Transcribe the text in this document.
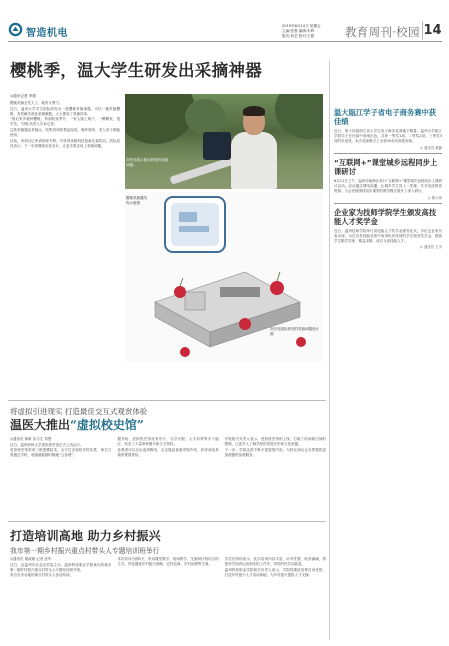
智造机电
2019年6月14日 星期五
主编:张强 编辑:朱晖
版式:何艺 校对:王聪	教育周刊·校园 14
樱桃季，温大学生研发出采摘神器
◎通讯记者 李璟

樱桃采摘全凭人工，耗时又费力。

近日，温州大学学生团队研发出一款樱桃采摘神器，可以一键采摘樱桃，有效解决高处采摘难题，大大提高了采摘效率。

“我们家乡就种樱桃，每到收获季节，一家人爬上爬下，一颗颗采，很辛苦。”团队负责人告诉记者。

这款采摘器由采摘头、收集管和收集袋组成，操作简单，老人孩子都能使用。

目前，该项目已申请国家专利，并获得省级科技创新比赛奖项。团队成员表示，下一步将继续优化设计，让更多果农用上采摘神器。

刘杰亮展示他们研发的采摘神器。
樱桃采摘器结构示意图
刘杰亮团队研发的采摘神器设计图
将虚拟引进现实 打造最佳交互式观赏体验
温医大推出“虚拟校史馆”

◎通讯员 林新 实习生 刘慧

近日，温州医科大学虚拟校史馆正式上线运行。

虚拟校史馆采用三维建模技术，全方位还原校史馆实景，师生只需通过手机、电脑就能随时随地“云参观”。

据介绍，虚拟校史馆设有序厅、办学历程、人才培养等多个展区，收录了大量珍贵图片和文字资料。

参观者可以自由选择路线，点击展品查看详细介绍，获得身临其境的观展体验。

学校相关负责人表示，虚拟校史馆的上线，打破了时间和空间的限制，让更多人了解学校的发展历史和文化底蕴。

下一步，学校还将不断丰富展馆内容，为校友和社会各界提供更加便捷的参观服务。

打造培训高地 助力乡村振兴
我市第一期乡村振兴重点村带头人专题培训班举行

◎通讯员 胡淑娟 记者 张军

近日，由温州市农业农村局主办、温州科技职业学院承办的我市第一期乡村振兴重点村带头人专题培训班开班。

来自全市各地的重点村带头人参加培训。

本次培训为期5天，采用课堂教学、现场教学、交流研讨相结合的方式，内容涵盖乡村振兴战略、农村电商、乡村治理等方面。

学员们纷纷表示，此次培训内容丰富、针对性强，收获满满，将把所学知识运用到实际工作中，带领村民共同致富。

温州科技职业学院相关负责人表示，学院将继续发挥自身优势，打造乡村振兴人才培训高地，为乡村振兴提供人才支撑。

温大瓯江学子省电子商务赛中获佳绩

近日，第十四届浙江省大学生电子商务竞赛落下帷幕，温州大学瓯江学院学子在比赛中表现出色，共获一等奖1项、二等奖2项、三等奖3项的好成绩。本次竞赛吸引了全省90余所高校参赛。

◎ 通讯员 黄静
“互联网+”课堂城乡远程同步上课研讨

6月11日上午，温州市瓯海区举行“互联网+”课堂城乡远程同步上课研讨活动。活动通过网络直播，让城乡学生同上一堂课，共享优质教育资源。与会老师围绕同步课堂的教学模式展开了深入研讨。

◎ 陈小萍
企业家为技师学院学生颁发高技能人才奖学金

近日，温州技师学院举行高技能人才奖学金颁发仪式。多位企业家代表出席，为在各类技能竞赛中取得优异成绩的学生颁发奖学金，鼓励学生勤学苦练、精益求精，成长为高技能人才。

◎ 通讯员 王平
